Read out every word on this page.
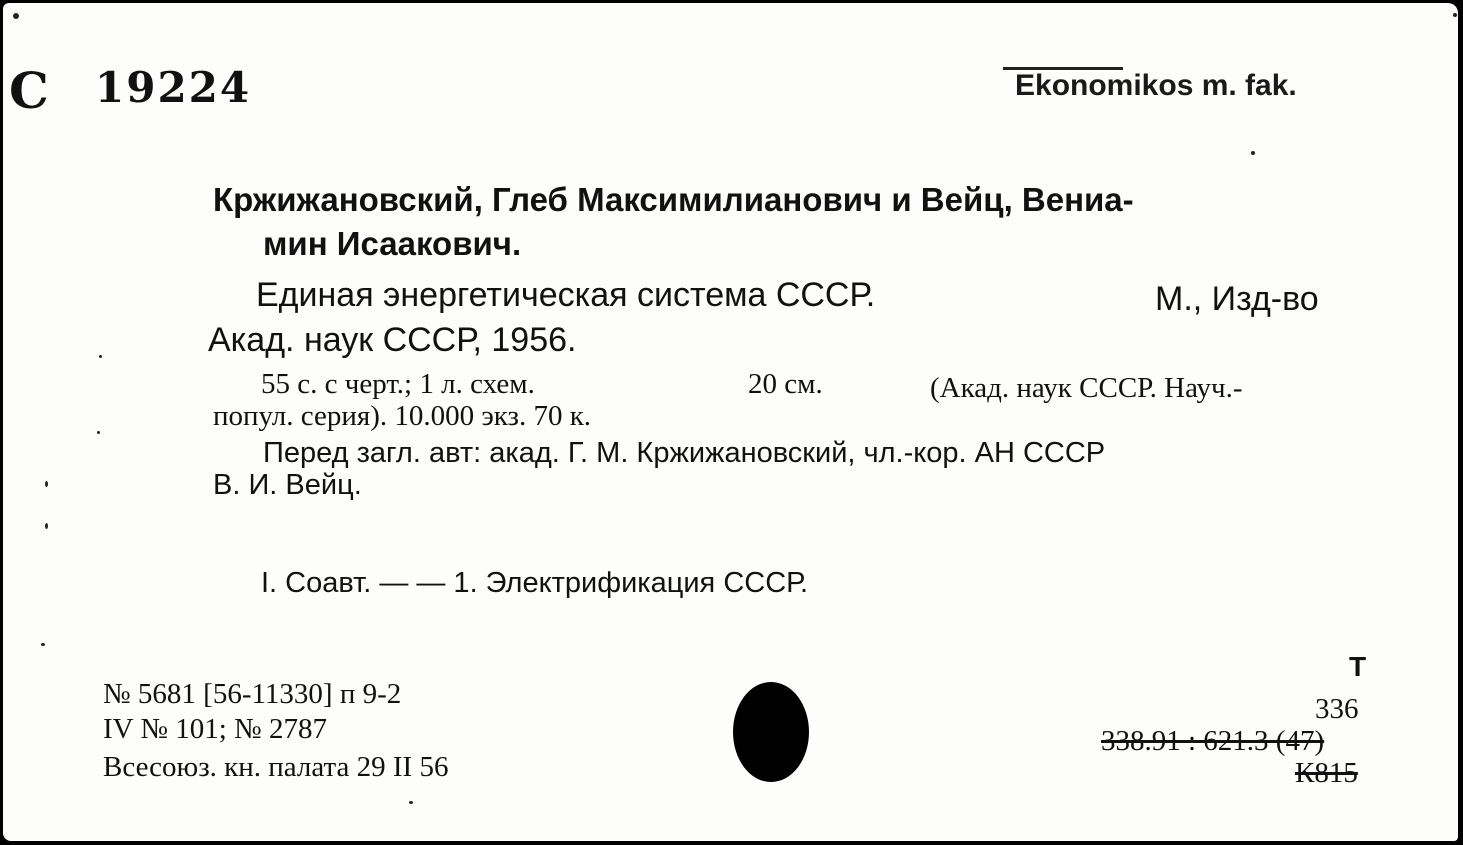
C 19224	Ekonomikos m. fak.
Кржижановский, Глеб Максимилианович и Вейц, Вениа-
мин Исаакович.
Единая энергетическая система СССР.	М., Изд-во
Акад. наук СССР, 1956.
55 с. с черт.; 1 л. схем.	20 см.	(Акад. наук СССР. Науч.-
попул. серия). 10.000 экз. 70 к.
Перед загл. авт: акад. Г. М. Кржижановский, чл.-кор. АН СССР
В. И. Вейц.
I. Соавт. — — 1. Электрификация СССР.
№ 5681 [56-11330] п 9-2
IV № 101; № 2787
Всесоюз. кн. палата 29 II 56
Т
336
338.91 : 621.3 (47)
К815
